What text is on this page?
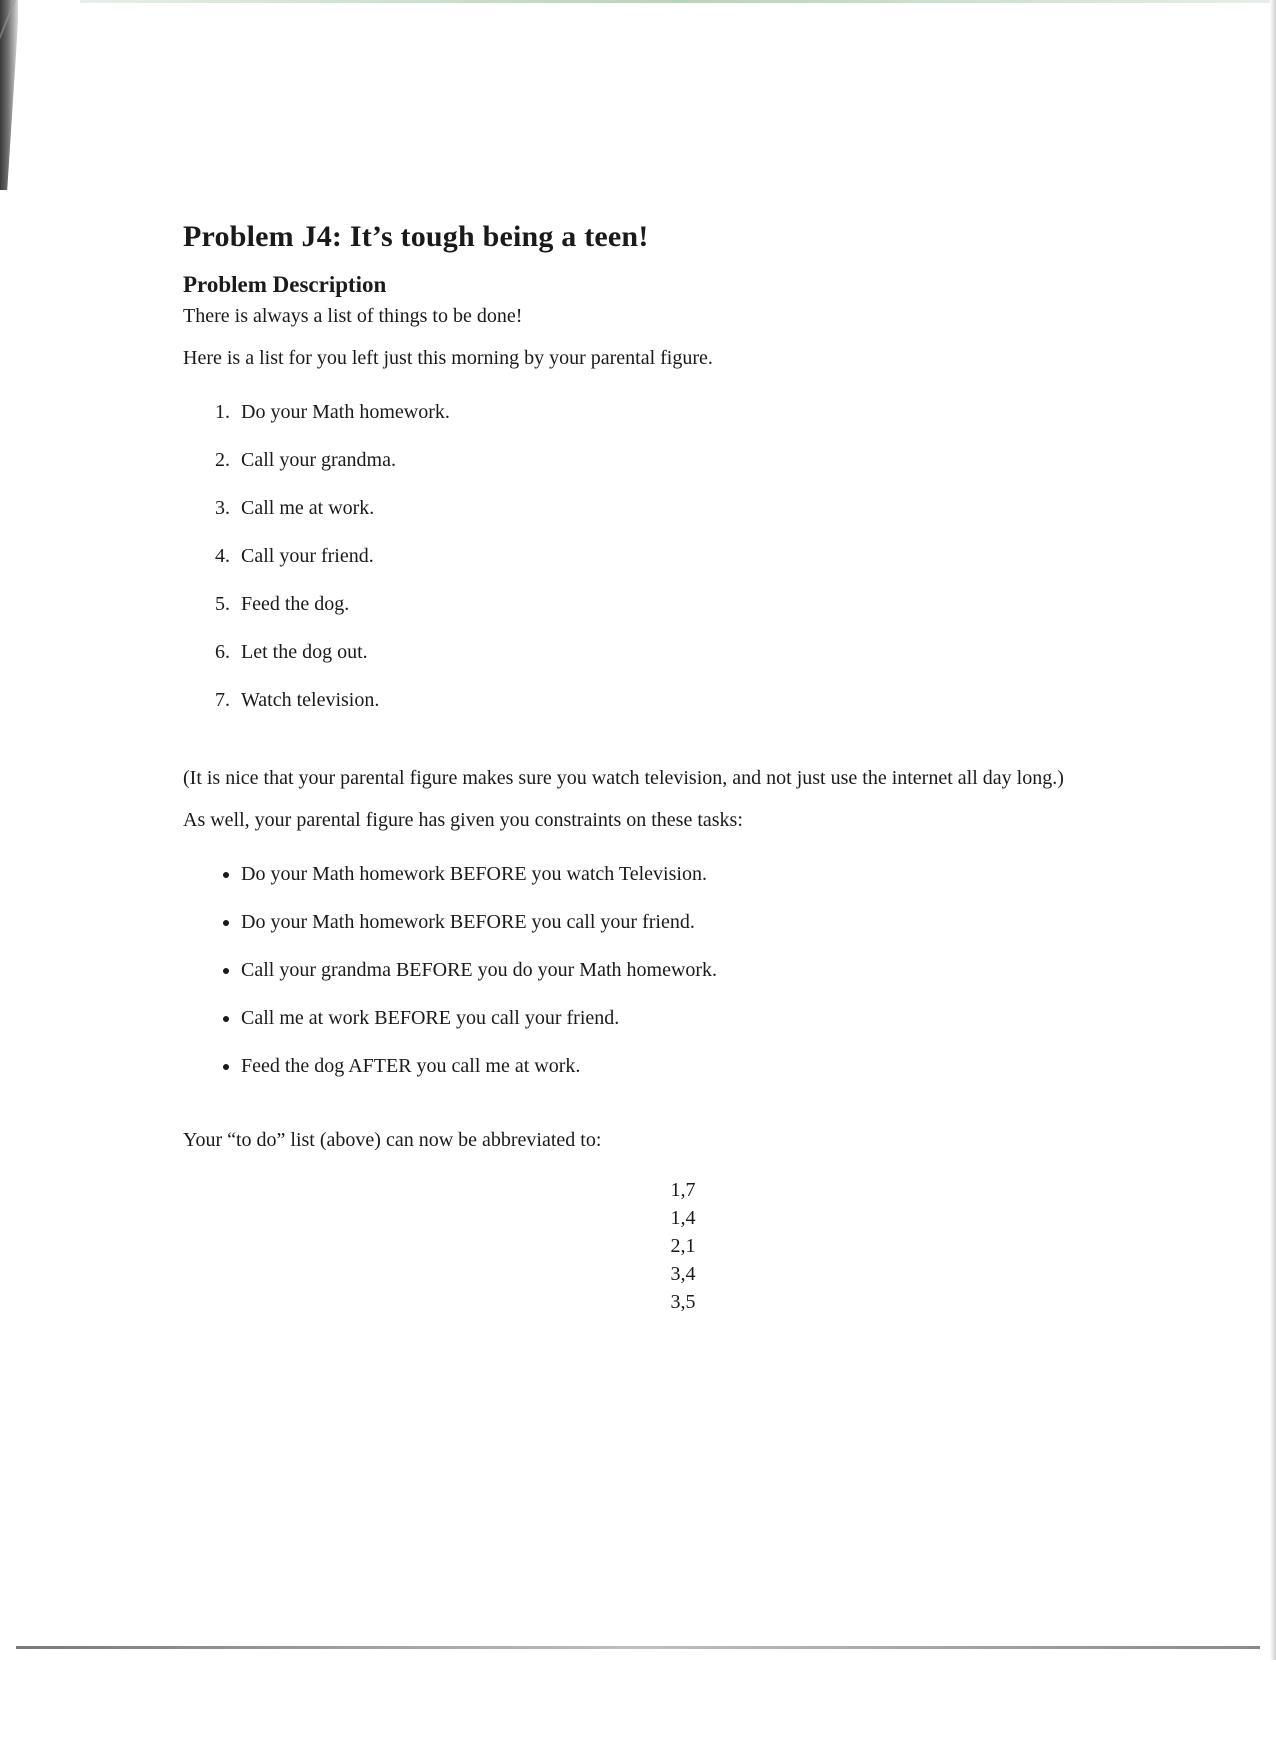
Problem J4: It’s tough being a teen!
Problem Description

There is always a list of things to be done!

Here is a list for you left just this morning by your parental figure.

1. Do your Math homework.
2. Call your grandma.
3. Call me at work.
4. Call your friend.
5. Feed the dog.
6. Let the dog out.
7. Watch television.

(It is nice that your parental figure makes sure you watch television, and not just use the internet all day long.)

As well, your parental figure has given you constraints on these tasks:

• Do your Math homework BEFORE you watch Television.
• Do your Math homework BEFORE you call your friend.
• Call your grandma BEFORE you do your Math homework.
• Call me at work BEFORE you call your friend.
• Feed the dog AFTER you call me at work.

Your “to do” list (above) can now be abbreviated to:

1,7
1,4
2,1
3,4
3,5
